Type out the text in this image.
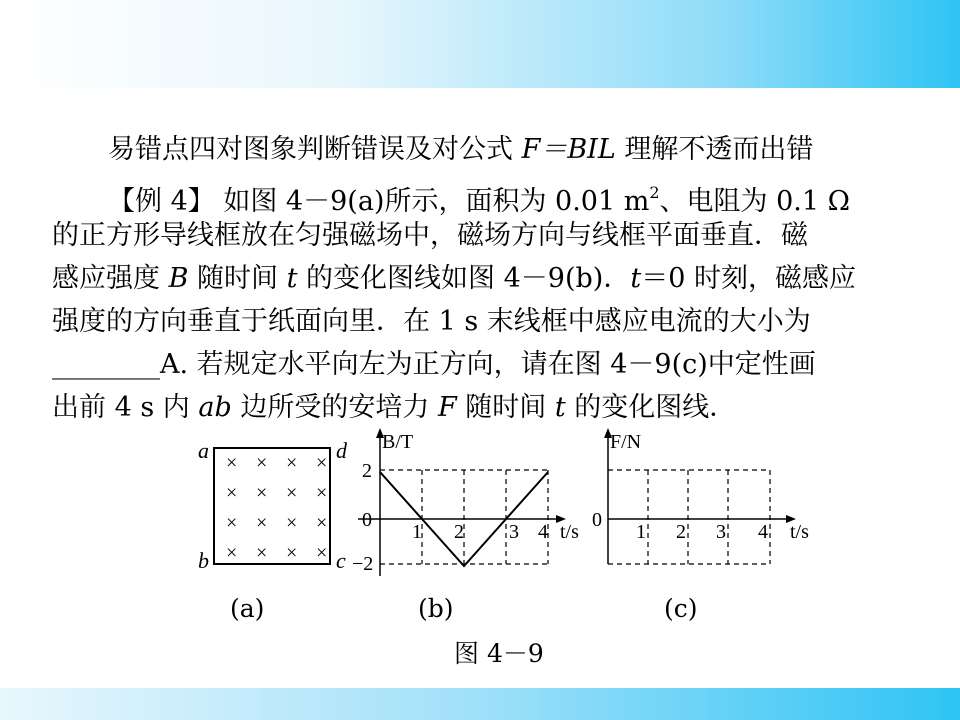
易错点四对图象判断错误及对公式 F＝BIL 理解不透而出错
【例 4】 如图 4－9(a)所示，面积为 0.01 $m^2$、电阻为 0.1 Ω
的正方形导线框放在匀强磁场中，磁场方向与线框平面垂直．磁
感应强度 B 随时间 t 的变化图线如图 4－9(b)．t＝0 时刻，磁感应
强度的方向垂直于纸面向里．在 1 s 末线框中感应电流的大小为
________A. 若规定水平向左为正方向，请在图 4－9(c)中定性画
出前 4 s 内 ab 边所受的安培力 F 随时间 t 的变化图线．
× × × ×
× × × ×
× × × ×
× × × ×
a	d
b	c
B/T
t/s
2
0
−2
1 2 3 4
F/N
t/s
0
1 2 3 4
(a)	(b)	(c)
图 4－9
